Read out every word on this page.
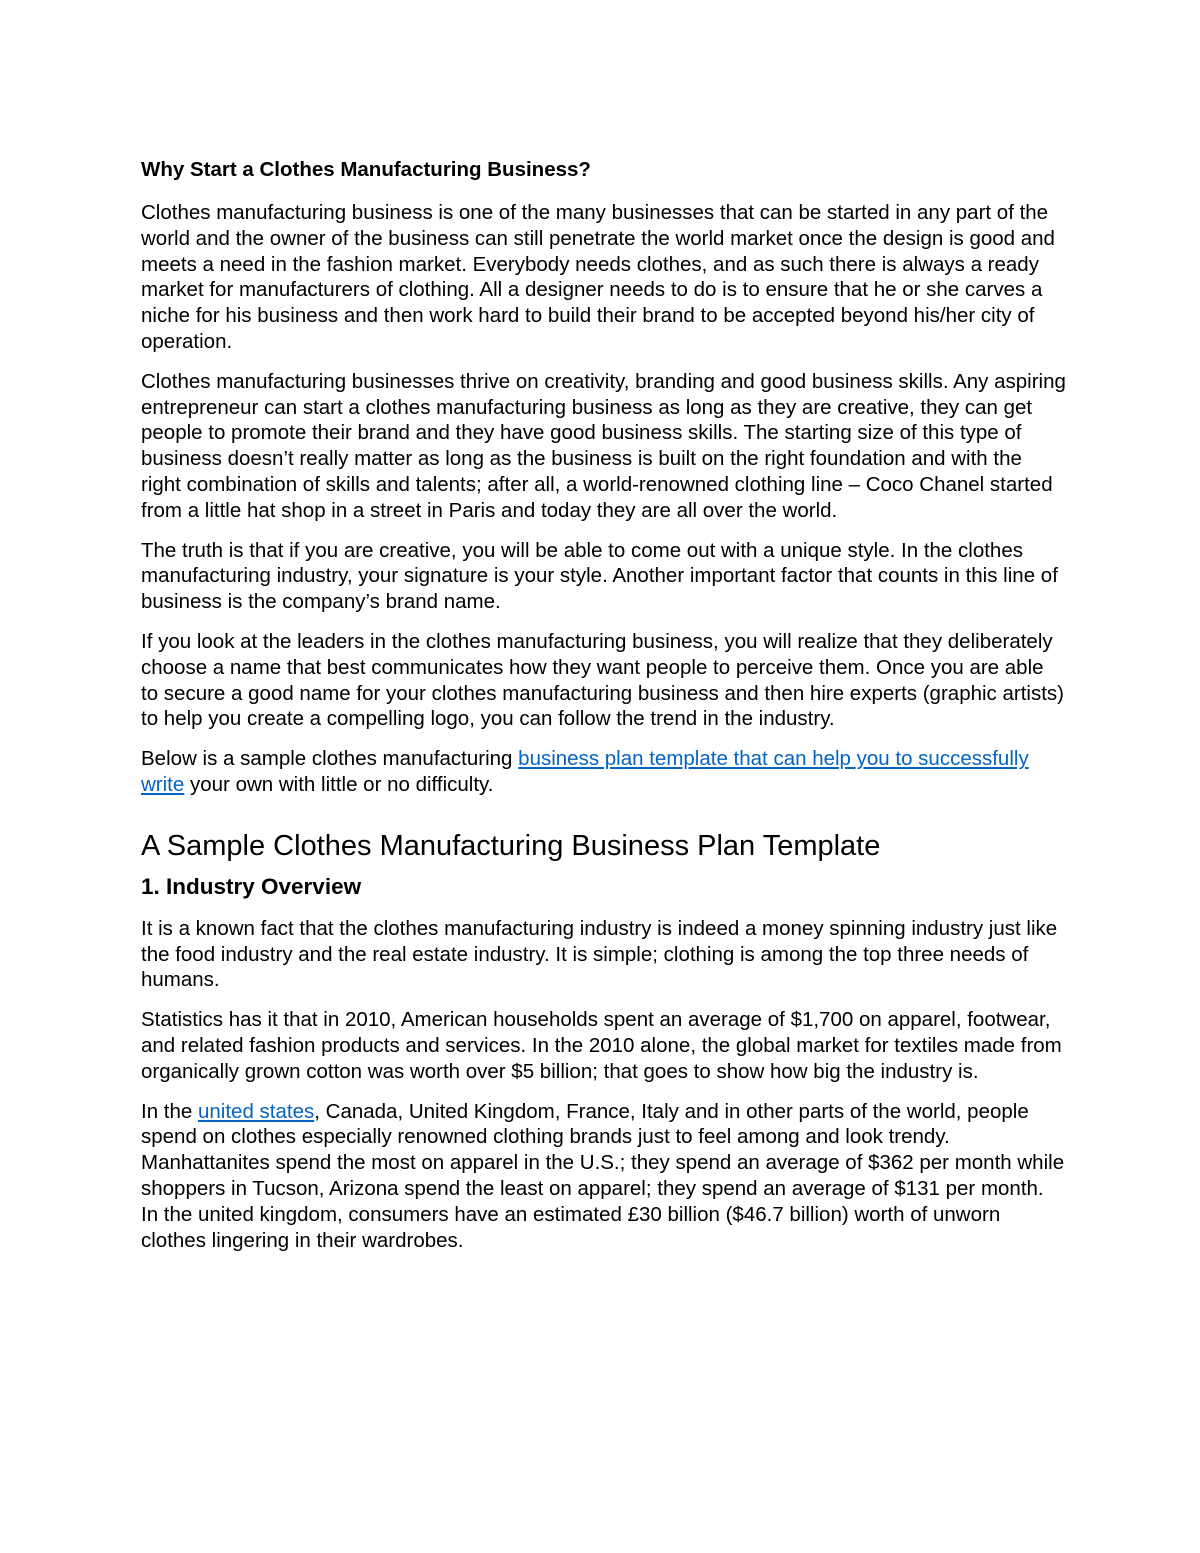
Why Start a Clothes Manufacturing Business?

Clothes manufacturing business is one of the many businesses that can be started in any part of the world and the owner of the business can still penetrate the world market once the design is good and meets a need in the fashion market. Everybody needs clothes, and as such there is always a ready market for manufacturers of clothing. All a designer needs to do is to ensure that he or she carves a niche for his business and then work hard to build their brand to be accepted beyond his/her city of operation.

Clothes manufacturing businesses thrive on creativity, branding and good business skills. Any aspiring entrepreneur can start a clothes manufacturing business as long as they are creative, they can get people to promote their brand and they have good business skills. The starting size of this type of business doesn’t really matter as long as the business is built on the right foundation and with the right combination of skills and talents; after all, a world-renowned clothing line – Coco Chanel started from a little hat shop in a street in Paris and today they are all over the world.

The truth is that if you are creative, you will be able to come out with a unique style. In the clothes manufacturing industry, your signature is your style. Another important factor that counts in this line of business is the company’s brand name.

If you look at the leaders in the clothes manufacturing business, you will realize that they deliberately choose a name that best communicates how they want people to perceive them. Once you are able to secure a good name for your clothes manufacturing business and then hire experts (graphic artists) to help you create a compelling logo, you can follow the trend in the industry.

Below is a sample clothes manufacturing business plan template that can help you to successfully write your own with little or no difficulty.

A Sample Clothes Manufacturing Business Plan Template
1. Industry Overview

It is a known fact that the clothes manufacturing industry is indeed a money spinning industry just like the food industry and the real estate industry. It is simple; clothing is among the top three needs of humans.

Statistics has it that in 2010, American households spent an average of $1,700 on apparel, footwear, and related fashion products and services. In the 2010 alone, the global market for textiles made from organically grown cotton was worth over $5 billion; that goes to show how big the industry is.

In the united states, Canada, United Kingdom, France, Italy and in other parts of the world, people spend on clothes especially renowned clothing brands just to feel among and look trendy. Manhattanites spend the most on apparel in the U.S.; they spend an average of $362 per month while shoppers in Tucson, Arizona spend the least on apparel; they spend an average of $131 per month. In the united kingdom, consumers have an estimated £30 billion ($46.7 billion) worth of unworn clothes lingering in their wardrobes.
